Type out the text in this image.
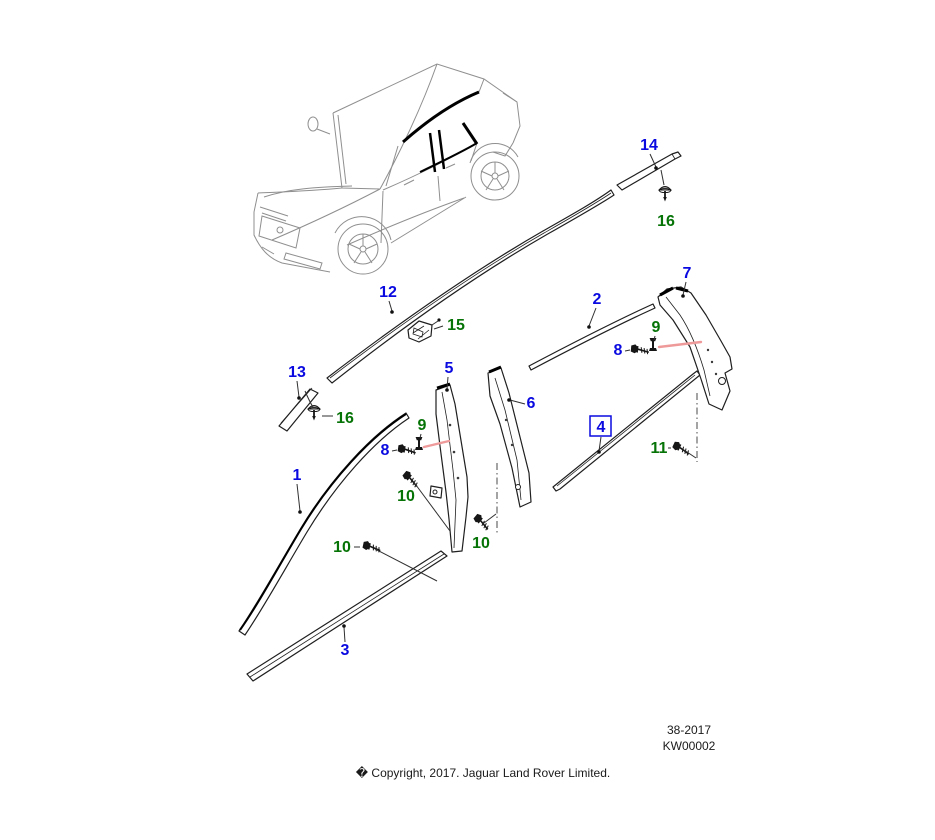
14
16
12
15
2
7
9
8
13
16
5
6
9
8
1
4
11
10
10
10
3
38-2017
KW00002
� Copyright, 2017. Jaguar Land Rover Limited.
